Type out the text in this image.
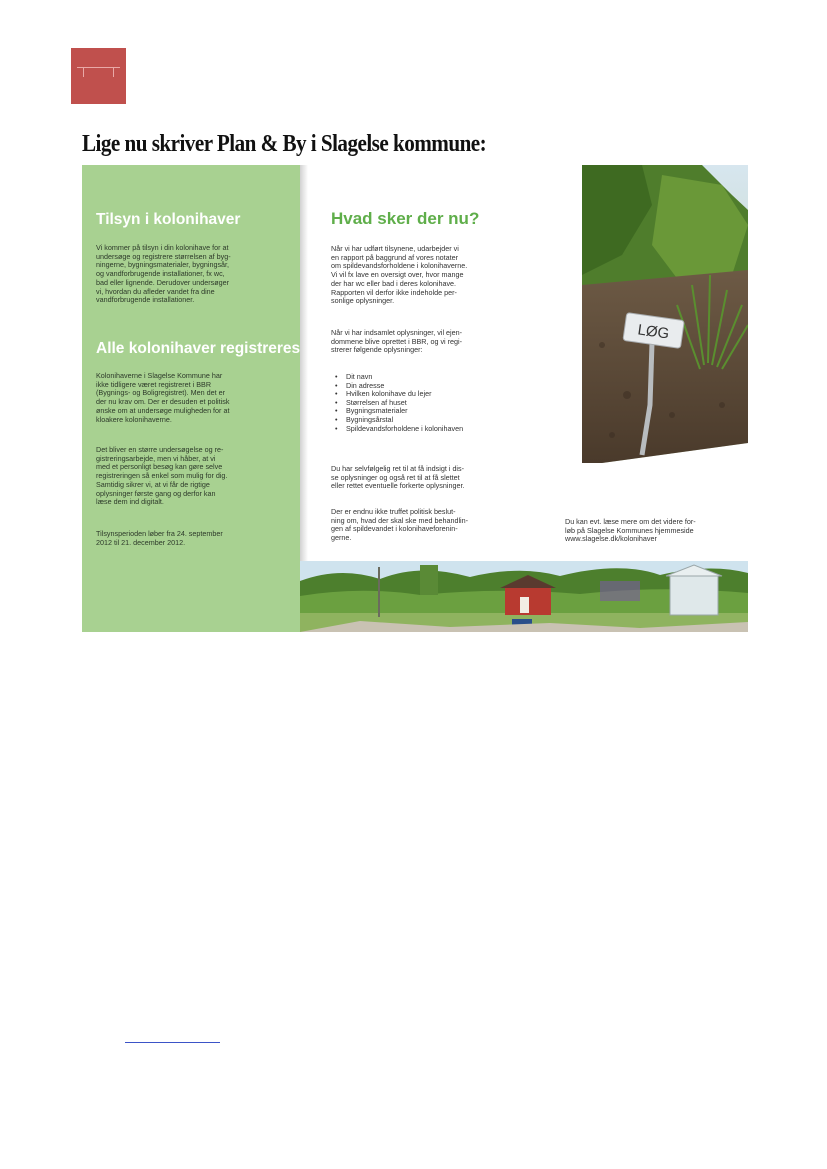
Lige nu skriver Plan & By i Slagelse kommune:
Tilsyn i kolonihaver

Vi kommer på tilsyn i din kolonihave for at
undersøge og registrere størrelsen af byg-
ningerne, bygningsmaterialer, bygningsår,
og vandforbrugende installationer, fx wc,
bad eller lignende. Derudover undersøger
vi, hvordan du afleder vandet fra dine
vandforbrugende installationer.

Alle kolonihaver registreres

Kolonihaverne i Slagelse Kommune har
ikke tidligere været registreret i BBR
(Bygnings- og Boligregistret). Men det er
der nu krav om. Der er desuden et politisk
ønske om at undersøge muligheden for at
kloakere kolonihaverne.

Det bliver en større undersøgelse og re-
gistreringsarbejde, men vi håber, at vi
med et personligt besøg kan gøre selve
registreringen så enkel som mulig for dig.
Samtidig sikrer vi, at vi får de rigtige
oplysninger første gang og derfor kan
læse dem ind digitalt.

Tilsynsperioden løber fra 24. september
2012 til 21. december 2012.

Hvad sker der nu?

Når vi har udført tilsynene, udarbejder vi
en rapport på baggrund af vores notater
om spildevandsforholdene i kolonihaverne.
Vi vil fx lave en oversigt over, hvor mange
der har wc eller bad i deres kolonihave.
Rapporten vil derfor ikke indeholde per-
sonlige oplysninger.

Når vi har indsamlet oplysninger, vil ejen-
dommene blive oprettet i BBR, og vi regi-
strerer følgende oplysninger:

• Dit navn
• Din adresse
• Hvilken kolonihave du lejer
• Størrelsen af huset
• Bygningsmaterialer
• Bygningsårstal
• Spildevandsforholdene i kolonihaven

Du har selvfølgelig ret til at få indsigt i dis-
se oplysninger og også ret til at få slettet
eller rettet eventuelle forkerte oplysninger.

Der er endnu ikke truffet politisk beslut-
ning om, hvad der skal ske med behandlin-
gen af spildevandet i kolonihaveforenin-
gerne.

LØG

Du kan evt. læse mere om det videre for-
løb på Slagelse Kommunes hjemmeside
www.slagelse.dk/kolonihaver
